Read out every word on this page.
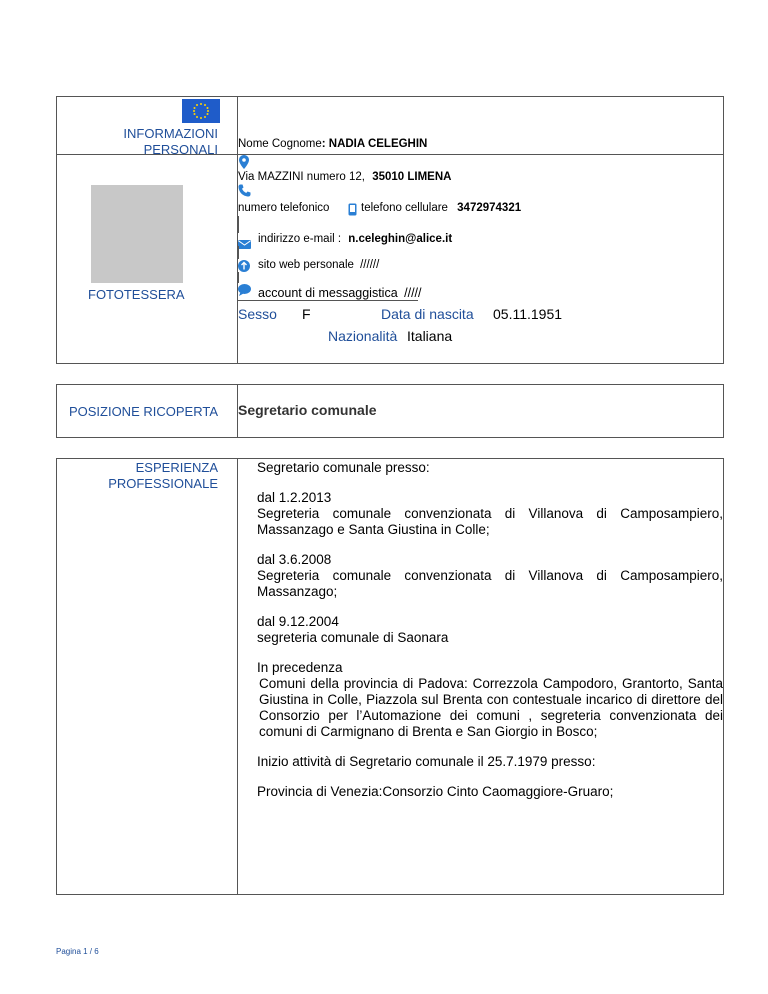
INFORMAZIONI
PERSONALI Nome Cognome: NADIA CELEGHIN
FOTOTESSERA
Via MAZZINI numero 12, 35010 LIMENA
numero telefonico	telefono cellulare 3472974321
indirizzo e-mail : n.celeghin@alice.it
sito web personale //////
account di messaggistica /////
Sesso F	Data di nascita 05.11.1951
Nazionalità Italiana
POSIZIONE RICOPERTA Segretario comunale
ESPERIENZA
PROFESSIONALE

Segretario comunale presso:

dal 1.2.2013
Segreteria comunale convenzionata di Villanova di Camposampiero, Massanzago e Santa Giustina in Colle;

dal 3.6.2008
Segreteria comunale convenzionata di Villanova di Camposampiero, Massanzago;

dal 9.12.2004
segreteria comunale di Saonara

In precedenza
Comuni della provincia di Padova: Correzzola Campodoro, Grantorto, Santa Giustina in Colle, Piazzola sul Brenta con contestuale incarico di direttore del Consorzio per l’Automazione dei comuni , segreteria convenzionata dei comuni di Carmignano di Brenta e San Giorgio in Bosco;

Inizio attività di Segretario comunale il 25.7.1979 presso:

Provincia di Venezia:Consorzio Cinto Caomaggiore-Gruaro;

Pagina 1 / 6
